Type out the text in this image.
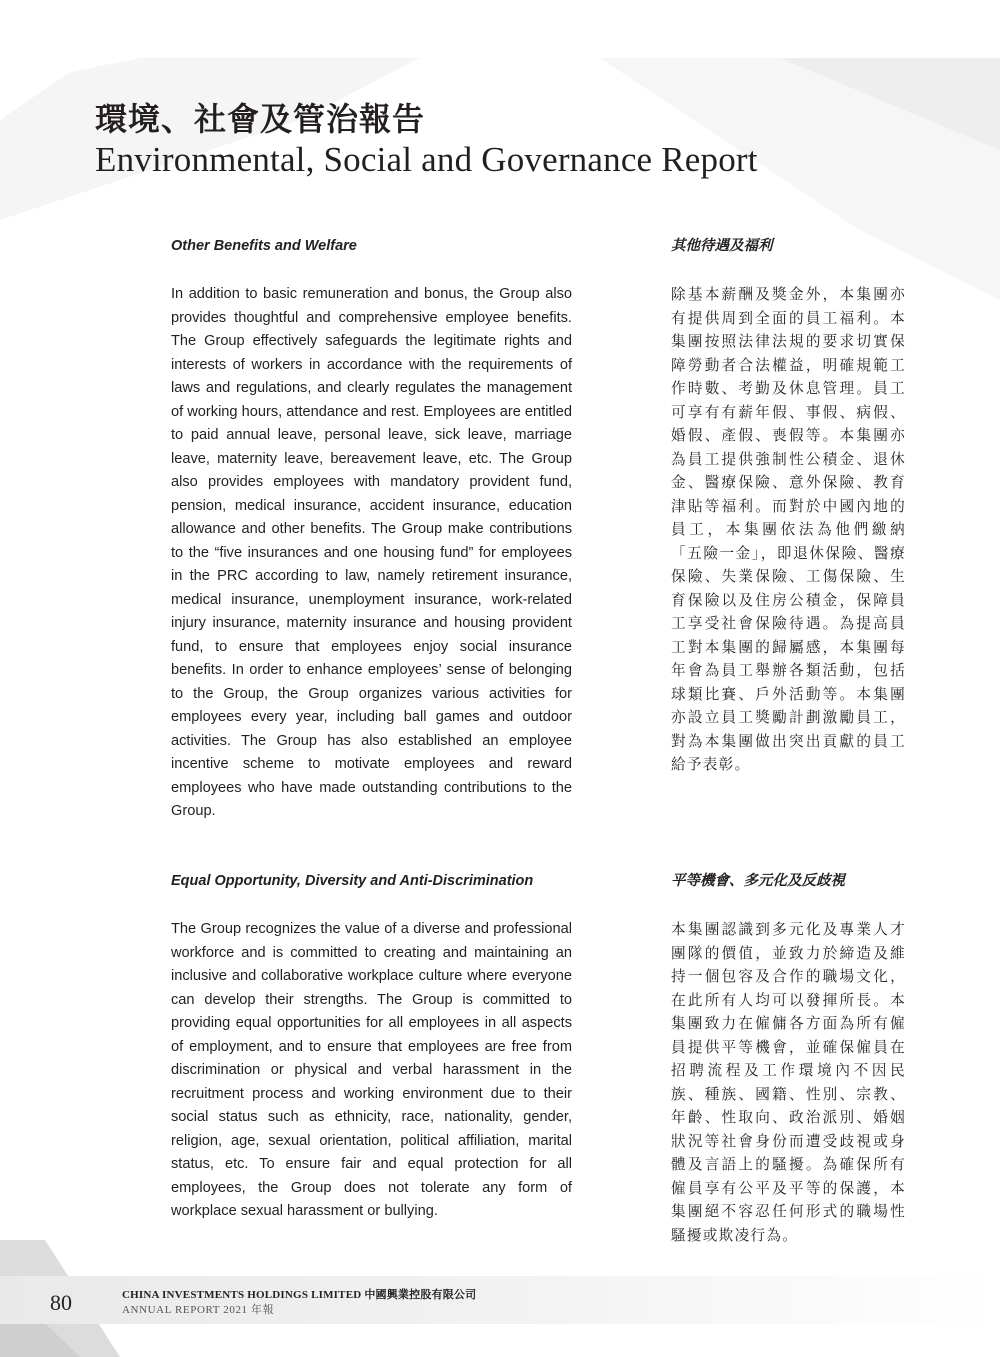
環境、社會及管治報告
Environmental, Social and Governance Report
Other Benefits and Welfare
In addition to basic remuneration and bonus, the Group also provides thoughtful and comprehensive employee benefits. The Group effectively safeguards the legitimate rights and interests of workers in accordance with the requirements of laws and regulations, and clearly regulates the management of working hours, attendance and rest. Employees are entitled to paid annual leave, personal leave, sick leave, marriage leave, maternity leave, bereavement leave, etc. The Group also provides employees with mandatory provident fund, pension, medical insurance, accident insurance, education allowance and other benefits. The Group make contributions to the “five insurances and one housing fund” for employees in the PRC according to law, namely retirement insurance, medical insurance, unemployment insurance, work-related injury insurance, maternity insurance and housing provident fund, to ensure that employees enjoy social insurance benefits. In order to enhance employees’ sense of belonging to the Group, the Group organizes various activities for employees every year, including ball games and outdoor activities. The Group has also established an employee incentive scheme to motivate employees and reward employees who have made outstanding contributions to the Group.
其他待遇及福利
除基本薪酬及獎金外，本集團亦有提供周到全面的員工福利。本集團按照法律法規的要求切實保障勞動者合法權益，明確規範工作時數、考勤及休息管理。員工可享有有薪年假、事假、病假、婚假、產假、喪假等。本集團亦為員工提供強制性公積金、退休金、醫療保險、意外保險、教育津貼等福利。而對於中國內地的員工，本集團依法為他們繳納「五險一金」，即退休保險、醫療保險、失業保險、工傷保險、生育保險以及住房公積金，保障員工享受社會保險待遇。為提高員工對本集團的歸屬感，本集團每年會為員工舉辦各類活動，包括球類比賽、戶外活動等。本集團亦設立員工獎勵計劃激勵員工，對為本集團做出突出貢獻的員工給予表彰。
Equal Opportunity, Diversity and Anti-Discrimination
The Group recognizes the value of a diverse and professional workforce and is committed to creating and maintaining an inclusive and collaborative workplace culture where everyone can develop their strengths. The Group is committed to providing equal opportunities for all employees in all aspects of employment, and to ensure that employees are free from discrimination or physical and verbal harassment in the recruitment process and working environment due to their social status such as ethnicity, race, nationality, gender, religion, age, sexual orientation, political affiliation, marital status, etc. To ensure fair and equal protection for all employees, the Group does not tolerate any form of workplace sexual harassment or bullying.
平等機會、多元化及反歧視
本集團認識到多元化及專業人才團隊的價值，並致力於締造及維持一個包容及合作的職場文化，在此所有人均可以發揮所長。本集團致力在僱傭各方面為所有僱員提供平等機會，並確保僱員在招聘流程及工作環境內不因民族、種族、國籍、性別、宗教、年齡、性取向、政治派別、婚姻狀況等社會身份而遭受歧視或身體及言語上的騷擾。為確保所有僱員享有公平及平等的保護，本集團絕不容忍任何形式的職場性騷擾或欺凌行為。
80	CHINA INVESTMENTS HOLDINGS LIMITED 中國興業控股有限公司
ANNUAL REPORT 2021 年報
